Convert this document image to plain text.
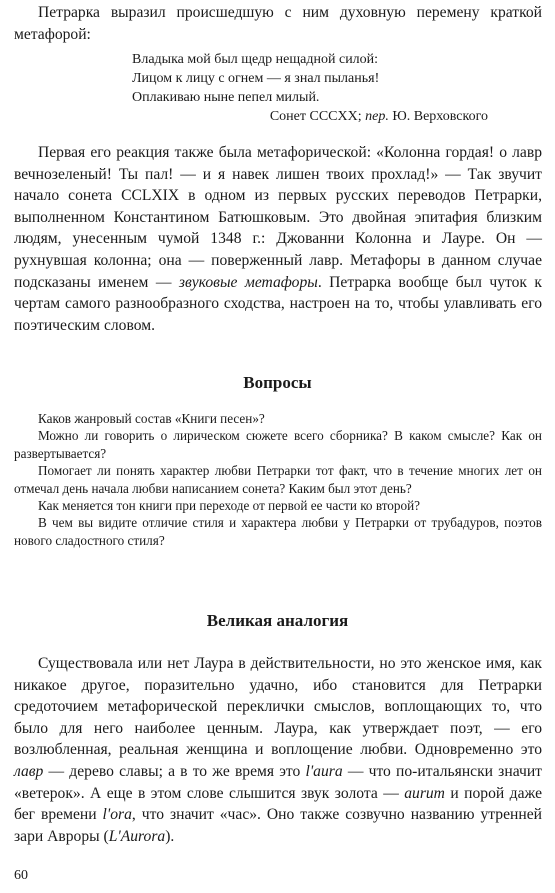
Петрарка выразил происшедшую с ним духовную перемену краткой метафорой:

Владыка мой был щедр нещадной силой:
Лицом к лицу с огнем — я знал пыланья!
Оплакиваю ныне пепел милый.
Сонет CCCXX; пер. Ю. Верховского

Первая его реакция также была метафорической: «Колонна гордая! о лавр вечнозеленый! Ты пал! — и я навек лишен твоих прохлад!» — Так звучит начало сонета CCLXIX в одном из первых русских переводов Петрарки, выполненном Константином Батюшковым. Это двойная эпитафия близким людям, унесенным чумой 1348 г.: Джованни Колонна и Лауре. Он — рухнувшая колонна; она — поверженный лавр. Метафоры в данном случае подсказаны именем — звуковые метафоры. Петрарка вообще был чуток к чертам самого разнообразного сходства, настроен на то, чтобы улавливать его поэтическим словом.

Вопросы

Каков жанровый состав «Книги песен»?

Можно ли говорить о лирическом сюжете всего сборника? В каком смысле? Как он развертывается?

Помогает ли понять характер любви Петрарки тот факт, что в течение многих лет он отмечал день начала любви написанием сонета? Каким был этот день?

Как меняется тон книги при переходе от первой ее части ко второй?

В чем вы видите отличие стиля и характера любви у Петрарки от трубадуров, поэтов нового сладостного стиля?

Великая аналогия

Существовала или нет Лаура в действительности, но это женское имя, как никакое другое, поразительно удачно, ибо становится для Петрарки средоточием метафорической переклички смыслов, воплощающих то, что было для него наиболее ценным. Лаура, как утверждает поэт, — его возлюбленная, реальная женщина и воплощение любви. Одновременно это лавр — дерево славы; а в то же время это l'aura — что по-итальянски значит «ветерок». А еще в этом слове слышится звук золота — aurum и порой даже бег времени l'ora, что значит «час». Оно также созвучно названию утренней зари Авроры (L'Aurora).

60
